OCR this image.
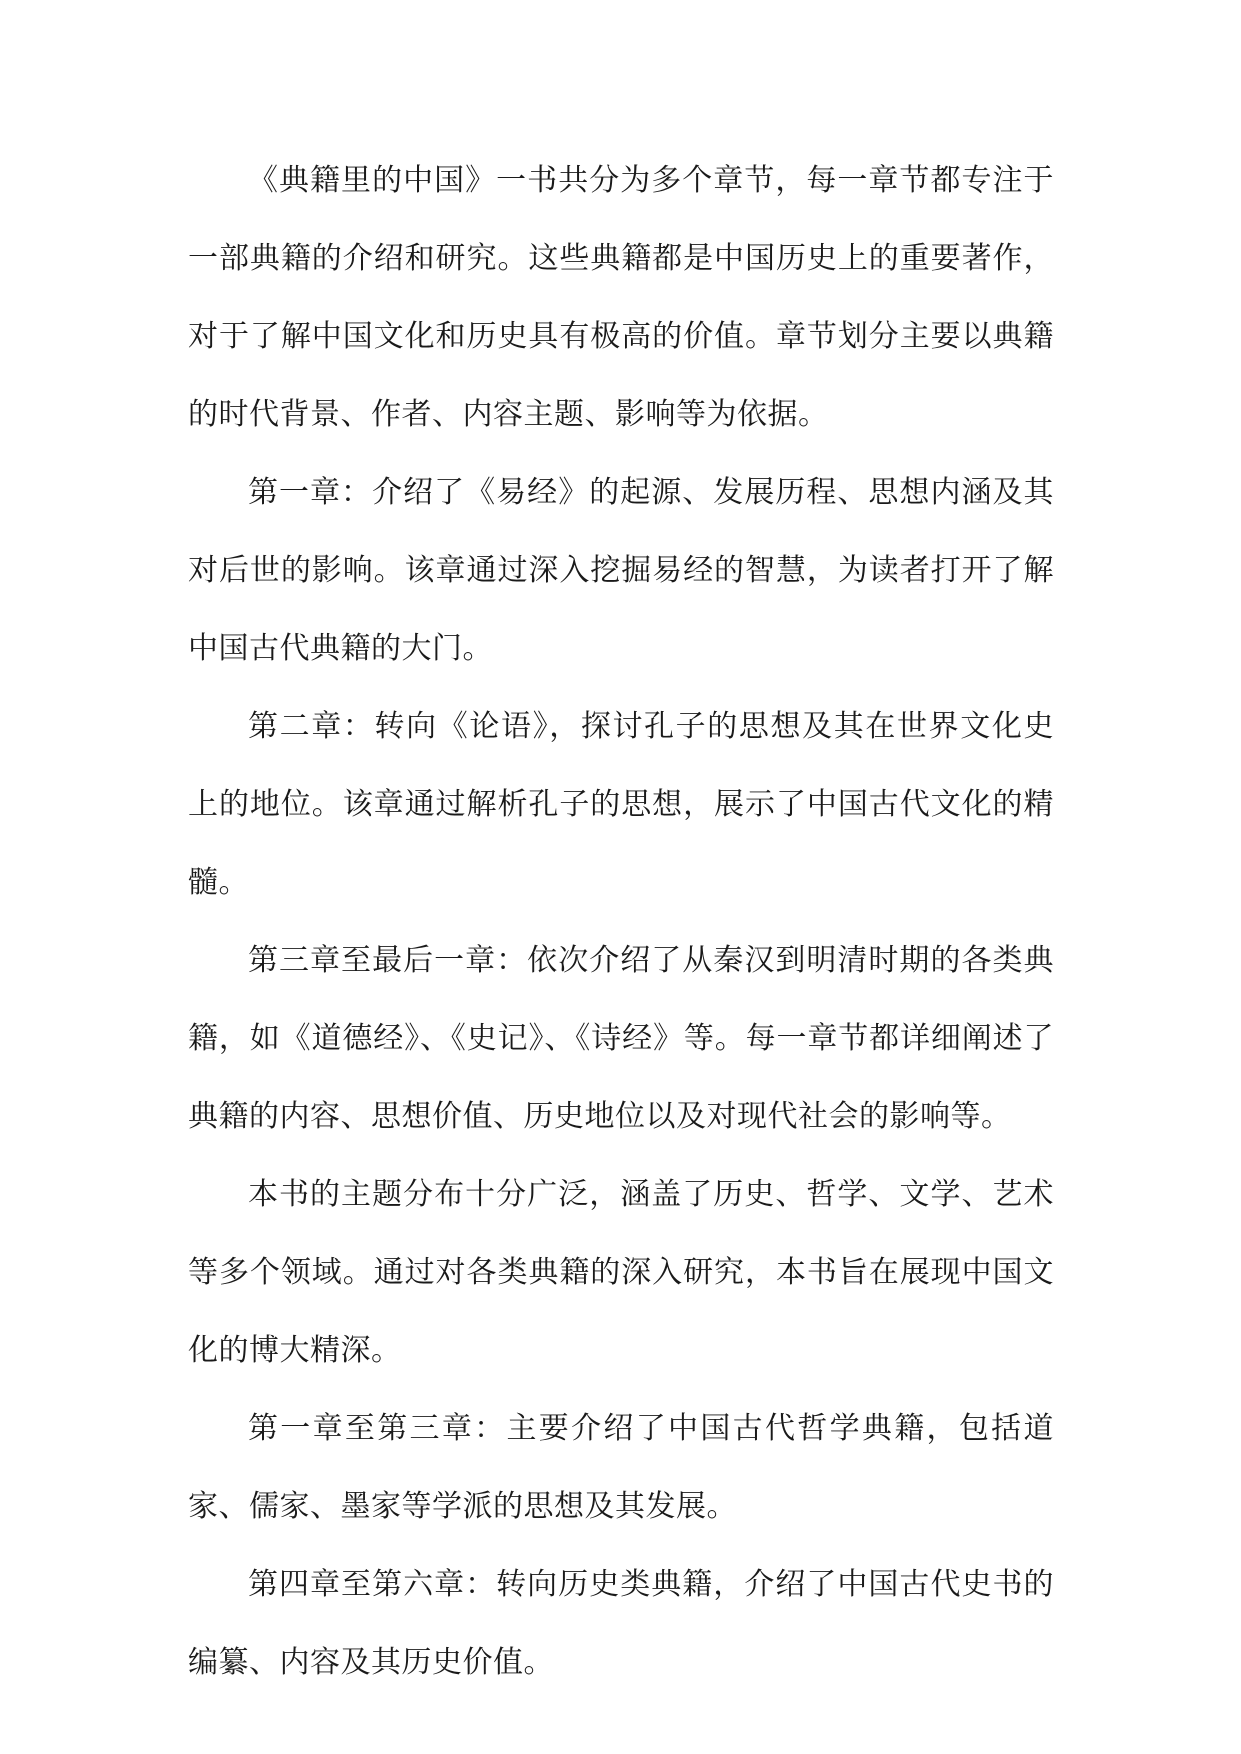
《典籍里的中国》一书共分为多个章节，每一章节都专注于一部典籍的介绍和研究。这些典籍都是中国历史上的重要著作，对于了解中国文化和历史具有极高的价值。章节划分主要以典籍的时代背景、作者、内容主题、影响等为依据。

第一章：介绍了《易经》的起源、发展历程、思想内涵及其对后世的影响。该章通过深入挖掘易经的智慧，为读者打开了解中国古代典籍的大门。

第二章：转向《论语》，探讨孔子的思想及其在世界文化史上的地位。该章通过解析孔子的思想，展示了中国古代文化的精髓。

第三章至最后一章：依次介绍了从秦汉到明清时期的各类典籍，如《道德经》、《史记》、《诗经》等。每一章节都详细阐述了典籍的内容、思想价值、历史地位以及对现代社会的影响等。

本书的主题分布十分广泛，涵盖了历史、哲学、文学、艺术等多个领域。通过对各类典籍的深入研究，本书旨在展现中国文化的博大精深。

第一章至第三章：主要介绍了中国古代哲学典籍，包括道家、儒家、墨家等学派的思想及其发展。

第四章至第六章：转向历史类典籍，介绍了中国古代史书的编纂、内容及其历史价值。
